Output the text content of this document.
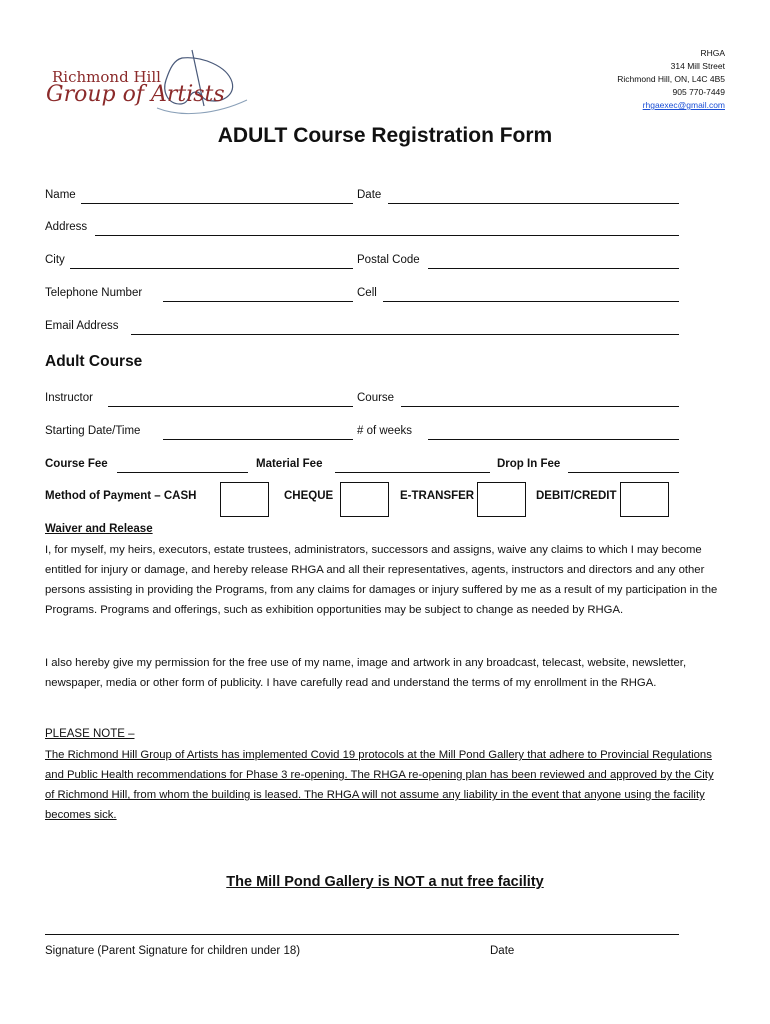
Richmond Hill
Group of Artists
RHGA
314 Mill Street
Richmond Hill, ON, L4C 4B5
905 770-7449
rhgaexec@gmail.com
ADULT Course Registration Form
Name	Date
Address
City	Postal Code
Telephone Number	Cell
Email Address
Adult Course
Instructor	Course
Starting Date/Time	# of weeks
Course Fee	Material Fee	Drop In Fee
Method of Payment – CASH	CHEQUE	E-TRANSFER	DEBIT/CREDIT
Waiver and Release
I, for myself, my heirs, executors, estate trustees, administrators, successors and assigns, waive any claims to which I may become entitled for injury or damage, and hereby release RHGA and all their representatives, agents, instructors and directors and any other persons assisting in providing the Programs, from any claims for damages or injury suffered by me as a result of my participation in the Programs. Programs and offerings, such as exhibition opportunities may be subject to change as needed by RHGA.
I also hereby give my permission for the free use of my name, image and artwork in any broadcast, telecast, website, newsletter, newspaper, media or other form of publicity. I have carefully read and understand the terms of my enrollment in the RHGA.
PLEASE NOTE –
The Richmond Hill Group of Artists has implemented Covid 19 protocols at the Mill Pond Gallery that adhere to Provincial Regulations and Public Health recommendations for Phase 3 re-opening. The RHGA re-opening plan has been reviewed and approved by the City of Richmond Hill, from whom the building is leased. The RHGA will not assume any liability in the event that anyone using the facility becomes sick.
The Mill Pond Gallery is NOT a nut free facility
Signature (Parent Signature for children under 18)	Date
